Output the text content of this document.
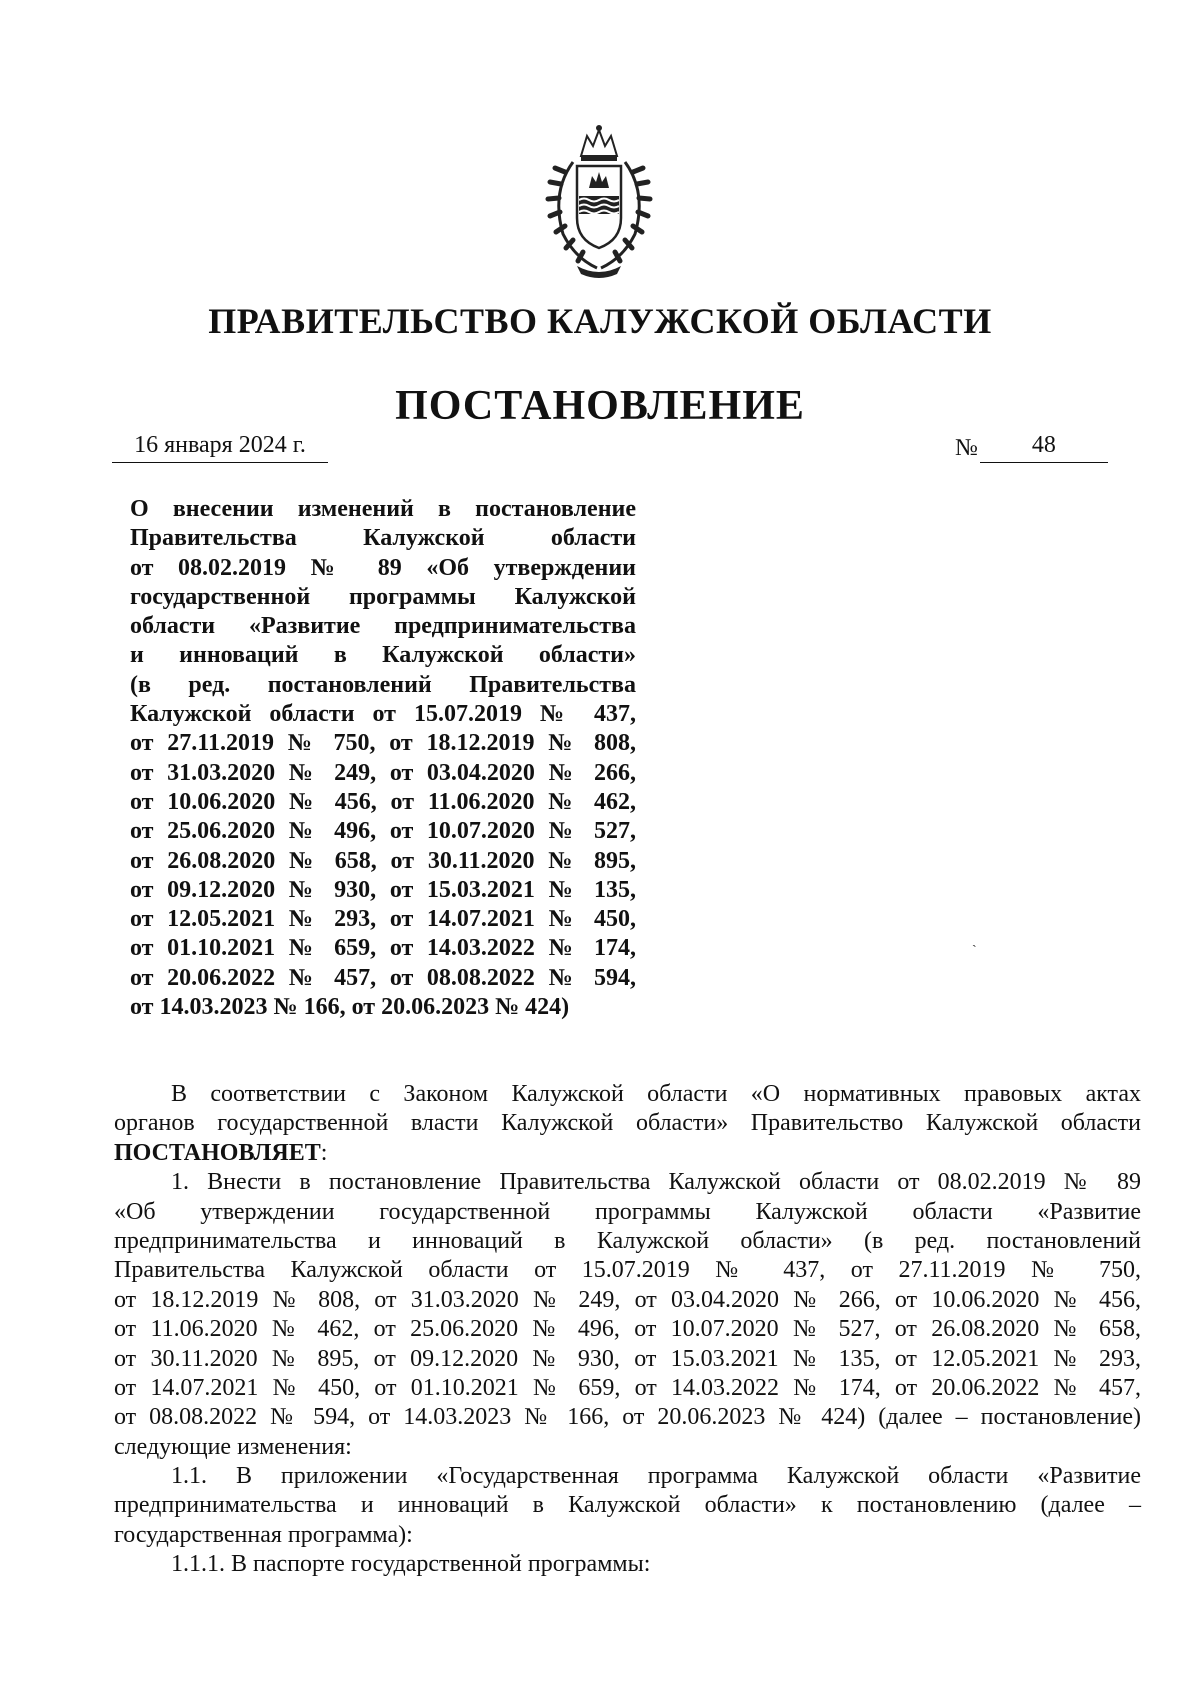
ПРАВИТЕЛЬСТВО КАЛУЖСКОЙ ОБЛАСТИ
ПОСТАНОВЛЕНИЕ
16 января 2024 г.	№	48
О внесении изменений в постановление
Правительства Калужской области
от 08.02.2019 № 89 «Об утверждении
государственной программы Калужской
области «Развитие предпринимательства
и инноваций в Калужской области»
(в ред. постановлений Правительства
Калужской области от 15.07.2019 № 437,
от 27.11.2019 № 750, от 18.12.2019 № 808,
от 31.03.2020 № 249, от 03.04.2020 № 266,
от 10.06.2020 № 456, от 11.06.2020 № 462,
от 25.06.2020 № 496, от 10.07.2020 № 527,
от 26.08.2020 № 658, от 30.11.2020 № 895,
от 09.12.2020 № 930, от 15.03.2021 № 135,
от 12.05.2021 № 293, от 14.07.2021 № 450,
от 01.10.2021 № 659, от 14.03.2022 № 174,
от 20.06.2022 № 457, от 08.08.2022 № 594,
от 14.03.2023 № 166, от 20.06.2023 № 424)
ˏ
В соответствии с Законом Калужской области «О нормативных правовых актах
органов государственной власти Калужской области» Правительство Калужской области
ПОСТАНОВЛЯЕТ:
1. Внести в постановление Правительства Калужской области от 08.02.2019 № 89
«Об утверждении государственной программы Калужской области «Развитие
предпринимательства и инноваций в Калужской области» (в ред. постановлений
Правительства Калужской области от 15.07.2019 № 437, от 27.11.2019 № 750,
от 18.12.2019 № 808, от 31.03.2020 № 249, от 03.04.2020 № 266, от 10.06.2020 № 456,
от 11.06.2020 № 462, от 25.06.2020 № 496, от 10.07.2020 № 527, от 26.08.2020 № 658,
от 30.11.2020 № 895, от 09.12.2020 № 930, от 15.03.2021 № 135, от 12.05.2021 № 293,
от 14.07.2021 № 450, от 01.10.2021 № 659, от 14.03.2022 № 174, от 20.06.2022 № 457,
от 08.08.2022 № 594, от 14.03.2023 № 166, от 20.06.2023 № 424) (далее – постановление)
следующие изменения:
1.1. В приложении «Государственная программа Калужской области «Развитие
предпринимательства и инноваций в Калужской области» к постановлению (далее –
государственная программа):
1.1.1. В паспорте государственной программы:
